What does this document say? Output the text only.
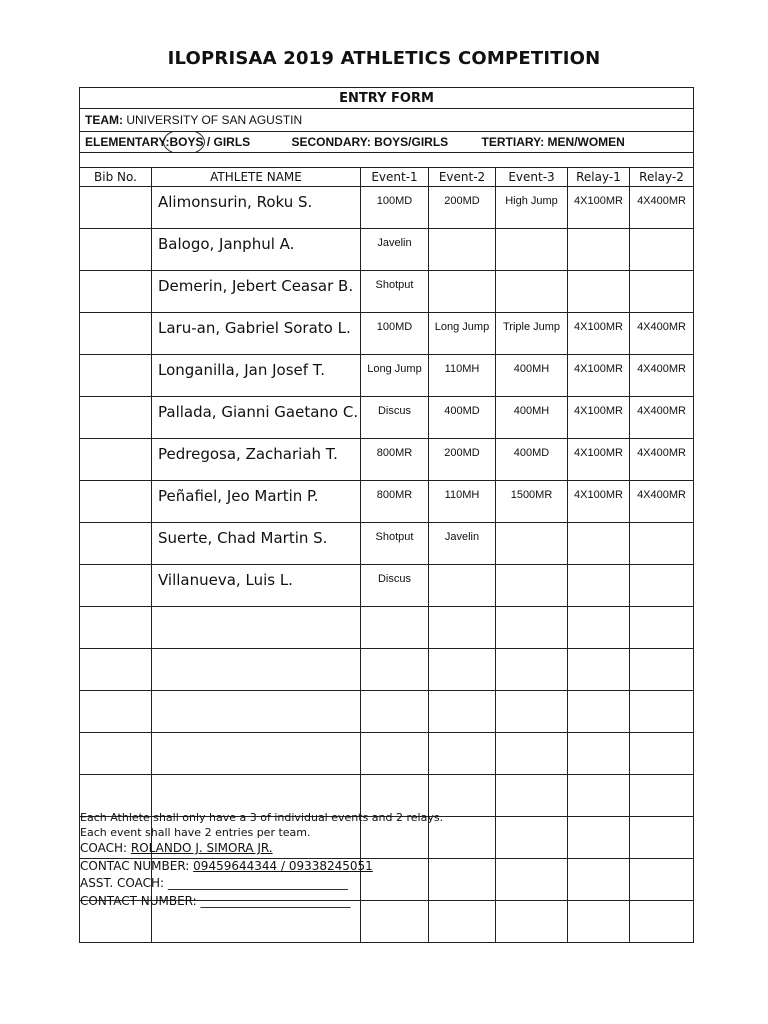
ILOPRISAA 2019 ATHLETICS COMPETITION
ENTRY FORM						
TEAM: UNIVERSITY OF SAN AGUSTIN						
ELEMENTARY:
BOYS / GIRLS SECONDARY: BOYS/GIRLS TERTIARY: MEN/WOMEN						

Bib No.	ATHLETE NAME	Event-1	Event-2	Event-3	Relay-1	Relay-2
	Alimonsurin, Roku S.	100MD	200MD	High Jump	4X100MR	4X400MR
	Balogo, Janphul A.	Javelin				
	Demerin, Jebert Ceasar B.	Shotput				
	Laru-an, Gabriel Sorato L.	100MD	Long Jump	Triple Jump	4X100MR	4X400MR
	Longanilla, Jan Josef T.	Long Jump	110MH	400MH	4X100MR	4X400MR
	Pallada, Gianni Gaetano C.	Discus	400MD	400MH	4X100MR	4X400MR
	Pedregosa, Zachariah T.	800MR	200MD	400MD	4X100MR	4X400MR
	Peñafiel, Jeo Martin P.	800MR	110MH	1500MR	4X100MR	4X400MR
	Suerte, Chad Martin S.	Shotput	Javelin			
	Villanueva, Luis L.	Discus				

Each Athlete shall only have a 3 of individual events and 2 relays.
Each event shall have 2 entries per team.
COACH: ROLANDO J. SIMORA JR.
CONTAC NUMBER: 09459644344 / 09338245051
ASST. COACH: ______________________________
CONTACT NUMBER: _________________________
